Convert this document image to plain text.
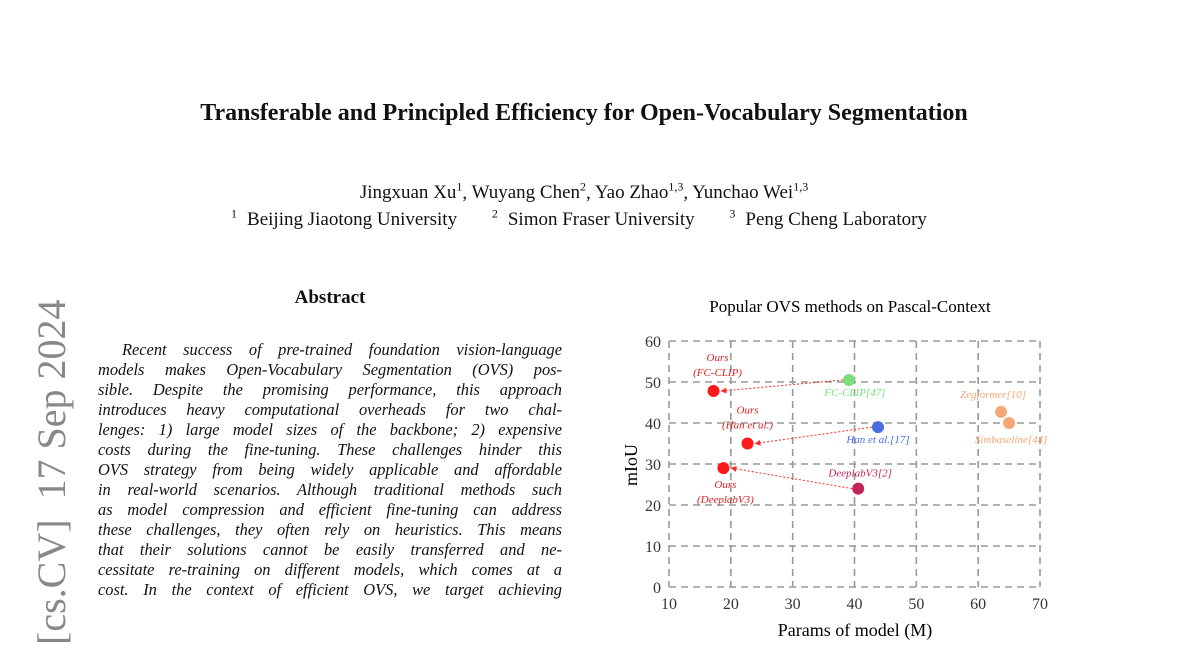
Transferable and Principled Efficiency for Open-Vocabulary Segmentation
Jingxuan Xu$^1$, Wuyang Chen$^2$, Yao Zhao$^{1,3}$, Yunchao Wei$^{1,3}$
$^1$ Beijing Jiaotong University	$^2$ Simon Fraser University	$^3$ Peng Cheng Laboratory
[cs.CV]  17 Sep 2024
Abstract
Recent success of pre-trained foundation vision-language
models makes Open-Vocabulary Segmentation (OVS) pos-
sible. Despite the promising performance, this approach
introduces heavy computational overheads for two chal-
lenges: 1) large model sizes of the backbone; 2) expensive
costs during the fine-tuning. These challenges hinder this
OVS strategy from being widely applicable and affordable
in real-world scenarios. Although traditional methods such
as model compression and efficient fine-tuning can address
these challenges, they often rely on heuristics. This means
that their solutions cannot be easily transferred and ne-
cessitate re-training on different models, which comes at a
cost. In the context of efficient OVS, we target achieving
Popular OVS methods on Pascal-Context
10	20	30	40	50	60	70
0
10
20
30
40
50
60
Params of model (M)
mIoU
Ours
(FC-CLIP)
FC-CLIP[47]
Ours
(Han et al.)
Han et al.[17]
Ours
(DeeplabV3)
DeeplabV3[2]
Zegformer[10]
Simbaseline[44]
